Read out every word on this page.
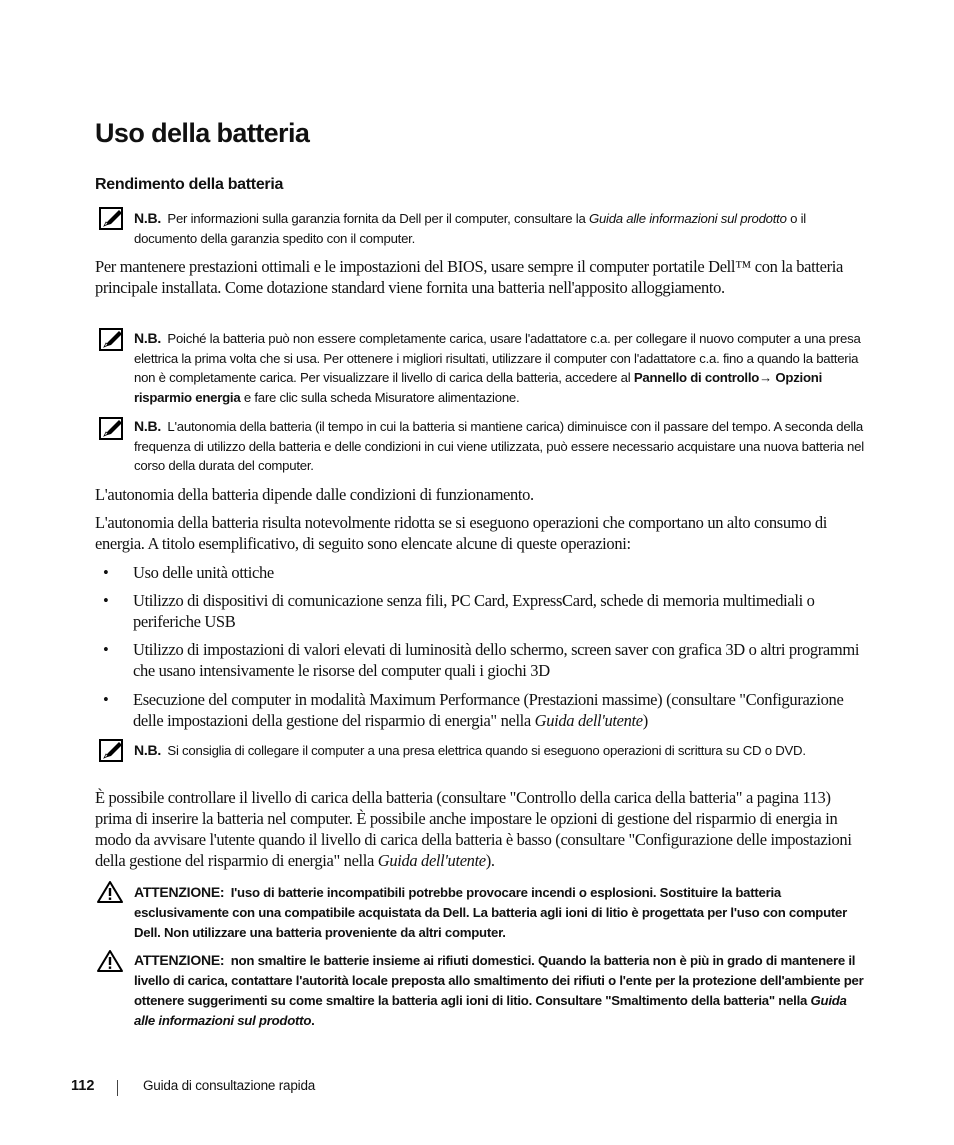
Uso della batteria
Rendimento della batteria
N.B. Per informazioni sulla garanzia fornita da Dell per il computer, consultare la Guida alle informazioni sul prodotto o il documento della garanzia spedito con il computer.
Per mantenere prestazioni ottimali e le impostazioni del BIOS, usare sempre il computer portatile Dell™ con la batteria principale installata. Come dotazione standard viene fornita una batteria nell'apposito alloggiamento.
N.B. Poiché la batteria può non essere completamente carica, usare l'adattatore c.a. per collegare il nuovo computer a una presa elettrica la prima volta che si usa. Per ottenere i migliori risultati, utilizzare il computer con l'adattatore c.a. fino a quando la batteria non è completamente carica. Per visualizzare il livello di carica della batteria, accedere al Pannello di controllo→ Opzioni risparmio energia e fare clic sulla scheda Misuratore alimentazione.
N.B. L'autonomia della batteria (il tempo in cui la batteria si mantiene carica) diminuisce con il passare del tempo. A seconda della frequenza di utilizzo della batteria e delle condizioni in cui viene utilizzata, può essere necessario acquistare una nuova batteria nel corso della durata del computer.
L'autonomia della batteria dipende dalle condizioni di funzionamento.
L'autonomia della batteria risulta notevolmente ridotta se si eseguono operazioni che comportano un alto consumo di energia. A titolo esemplificativo, di seguito sono elencate alcune di queste operazioni:
• Uso delle unità ottiche
• Utilizzo di dispositivi di comunicazione senza fili, PC Card, ExpressCard, schede di memoria multimediali o periferiche USB
• Utilizzo di impostazioni di valori elevati di luminosità dello schermo, screen saver con grafica 3D o altri programmi che usano intensivamente le risorse del computer quali i giochi 3D
• Esecuzione del computer in modalità Maximum Performance (Prestazioni massime) (consultare "Configurazione delle impostazioni della gestione del risparmio di energia" nella Guida dell'utente)
N.B. Si consiglia di collegare il computer a una presa elettrica quando si eseguono operazioni di scrittura su CD o DVD.
È possibile controllare il livello di carica della batteria (consultare "Controllo della carica della batteria" a pagina 113) prima di inserire la batteria nel computer. È possibile anche impostare le opzioni di gestione del risparmio di energia in modo da avvisare l'utente quando il livello di carica della batteria è basso (consultare "Configurazione delle impostazioni della gestione del risparmio di energia" nella Guida dell'utente).
ATTENZIONE: I'uso di batterie incompatibili potrebbe provocare incendi o esplosioni. Sostituire la batteria esclusivamente con una compatibile acquistata da Dell. La batteria agli ioni di litio è progettata per l'uso con computer Dell. Non utilizzare una batteria proveniente da altri computer.
ATTENZIONE: non smaltire le batterie insieme ai rifiuti domestici. Quando la batteria non è più in grado di mantenere il livello di carica, contattare l'autorità locale preposta allo smaltimento dei rifiuti o l'ente per la protezione dell'ambiente per ottenere suggerimenti su come smaltire la batteria agli ioni di litio. Consultare "Smaltimento della batteria" nella Guida alle informazioni sul prodotto.
112	Guida di consultazione rapida
